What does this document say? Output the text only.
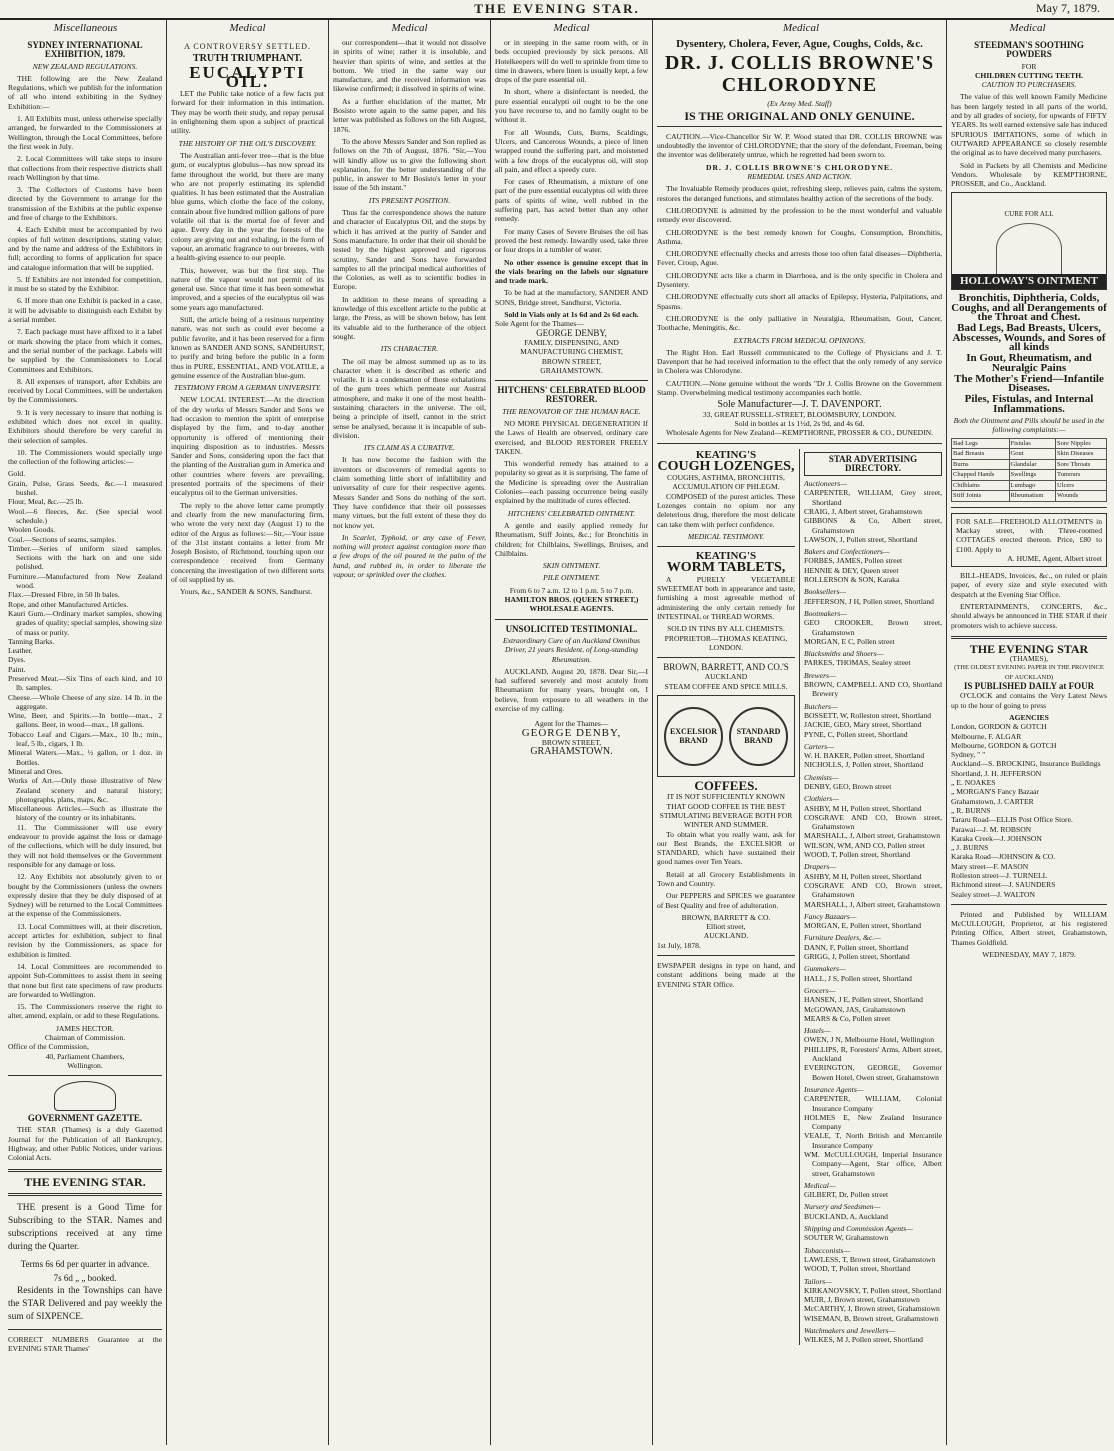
THE EVENING STAR.	May 7, 1879.
Miscellaneous	Medical	Medical	Medical	Medical	Medical
SYDNEY INTERNATIONAL EXHIBITION, 1879.
NEW ZEALAND REGULATIONS.

THE following are the New Zealand Regulations, which we publish for the information of all who intend exhibiting in the Sydney Exhibition:—

1. All Exhibits must, unless otherwise specially arranged, be forwarded to the Commissioners at Wellington, through the Local Committees, before the first week in July.

2. Local Committees will take steps to insure that collections from their respective districts shall reach Wellington by that time.

3. The Collectors of Customs have been directed by the Government to arrange for the transmission of the Exhibits at the public expense and free of charge to the Exhibitors.

4. Each Exhibit must be accompanied by two copies of full written descriptions, stating value; and by the name and address of the Exhibitors in full; according to forms of application for space and catalogue information that will be supplied.

5. If Exhibits are not intended for competition, it must be so stated by the Exhibitor.

6. If more than one Exhibit is packed in a case, it will be advisable to distinguish each Exhibit by a serial number.

7. Each package must have affixed to it a label or mark showing the place from which it comes, and the serial number of the package. Labels will be supplied by the Commissioners to Local Committees and Exhibitors.

8. All expenses of transport, after Exhibits are received by Local Committees, will be undertaken by the Commissioners.

9. It is very necessary to insure that nothing is exhibited which does not excel in quality. Exhibitors should therefore be very careful in their selection of samples.

10. The Commissioners would specially urge the collection of the following articles:—

Gold.
Grain, Pulse, Grass Seeds, &c.—1 measured bushel.
Flour, Meal, &c.—25 lb.
Wool.—6 fleeces, &c. (See special wool schedule.)
Woolen Goods.
Coal.—Sections of seams, samples.
Timber.—Series of uniform sized samples. Sections with the bark on and one side polished.
Furniture.—Manufactured from New Zealand wood.
Flax.—Dressed Fibre, in 50 lb bales.
Rope, and other Manufactured Articles.
Kauri Gum.—Ordinary market samples, showing grades of quality; special samples, showing size of mass or purity.
Tanning Barks.
Leather.
Dyes.
Paint.
Preserved Meat.—Six Tins of each kind, and 10 lb. samples.
Cheese.—Whole Cheese of any size. 14 lb. in the aggregate.
Wine, Beer, and Spirits.—In bottle—max., 2 gallons. Beer, in wood—max., 18 gallons.
Tobacco Leaf and Cigars.—Max., 10 lb.; min., leaf, 5 lb., cigars, 1 lb.
Mineral Waters.—Max., ½ gallon, or 1 doz. in Bottles.
Mineral and Ores.
Works of Art.—Only those illustrative of New Zealand scenery and natural history; photographs, plans, maps, &c.
Miscellaneous Articles.—Such as illustrate the history of the country or its inhabitants.

11. The Commissioner will use every endeavour to provide against the loss or damage of the collections, which will be duly insured, but they will not hold themselves or the Government responsible for any damage or loss.

12. Any Exhibits not absolutely given to or bought by the Commissioners (unless the owners expressly desire that they be duly disposed of at Sydney) will be returned to the Local Committees at the expense of the Commissioners.

13. Local Committees will, at their discretion, accept articles for exhibition, subject to final revision by the Commissioners, as space for exhibition is limited.

14. Local Committees are recommended to appoint Sub-Committees to assist them in seeing that none but first rate specimens of raw products are forwarded to Wellington.

15. The Commissioners reserve the right to alter, amend, explain, or add to these Regulations.

JAMES HECTOR.
Chairman of Commission.
Office of the Commission,
40, Parliament Chambers,
Wellington.
GOVERNMENT GAZETTE.

THE STAR (Thames) is a duly Gazetted Journal for the Publication of all Bankruptcy, Highway, and other Public Notices, under various Colonial Acts.

THE EVENING STAR.

THE present is a Good Time for Subscribing to the STAR. Names and subscriptions received at any time during the Quarter.

Terms 6s 6d per quarter in advance.
7s 6d „ „ booked.

Residents in the Townships can have the STAR Delivered and pay weekly the sum of SIXPENCE.

CORRECT NUMBERS Guarantee at the EVENING STAR Thames'
A CONTROVERSY SETTLED.
TRUTH TRIUMPHANT.
EUCALYPTI OIL.

LET the Public take notice of a few facts put forward for their information in this intimation. They may be worth their study, and repay perusal in enlightening them upon a subject of practical utility.

THE HISTORY OF THE OIL'S DISCOVERY.

The Australian anti-fever tree—that is the blue gum, or eucalyptus globulus—has now spread its fame throughout the world, but there are many who are not properly estimating its splendid qualities. It has been estimated that the Australian blue gums, which clothe the face of the colony, contain about five hundred million gallons of pure volatile oil that is the mortal foe of fever and ague. Every day in the year the forests of the colony are giving out and exhaling, in the form of vapour, an aromatic fragrance to our breezes, with a health-giving essence to our people.

This, however, was but the first step. The nature of the vapour would not permit of its general use. Since that time it has been somewhat improved, and a species of the eucalyptus oil was some years ago manufactured.

Still, the article being of a resinous turpentiny nature, was not such as could ever become a public favorite, and it has been reserved for a firm known as SANDER AND SONS, SANDHURST, to purify and bring before the public in a form thus in PURE, ESSENTIAL, AND VOLATILE, a genuine essence of the Australian blue-gum.

TESTIMONY FROM A GERMAN UNIVERSITY.

NEW LOCAL INTEREST.—At the direction of the dry works of Messrs Sander and Sons we had occasion to mention the spirit of enterprise displayed by the firm, and to-day another opportunity is offered of mentioning their inquiring disposition as to industries. Messrs Sander and Sons, considering upon the fact that the planting of the Australian gum in America and other countries where fevers are prevailing, presented portraits of the specimens of their eucalyptus oil to the German universities.

The reply to the above letter came promptly and clearly from the new manufacturing firm, who wrote the very next day (August 1) to the editor of the Argus as follows:—Sir,—Your issue of the 31st instant contains a letter from Mr Joseph Bosisto, of Richmond, touching upon our correspondence received from Germany concerning the investigation of two different sorts of oil supplied by us.

Yours, &c., SANDER & SONS, Sandhurst.

our correspondent—that it would not dissolve in spirits of wine; rather it is insoluble, and heavier than spirits of wine, and settles at the bottom. We tried in the same way our manufacture, and the received information was likewise confirmed; it dissolved in spirits of wine.

As a further elucidation of the matter, Mr Bosisto wrote again to the same paper, and his letter was published as follows on the 6th August, 1876.

To the above Messrs Sander and Son replied as follows on the 7th of August, 1876. "Sir,—You will kindly allow us to give the following short explanation, for the better understanding of the public, in answer to Mr Bosisto's letter in your issue of the 5th instant."

ITS PRESENT POSITION.

Thus far the correspondence shows the nature and character of Eucalyptus Oil, and the steps by which it has arrived at the purity of Sander and Sons manufacture. In order that their oil should be tested by the highest approved and rigorous scrutiny, Sander and Sons have forwarded samples to all the principal medical authorities of the Colonies, as well as to scientific bodies in Europe.

In addition to these means of spreading a knowledge of this excellent article to the public at large, the Press, as will be shown below, has lent its valuable aid to the furtherance of the object sought.

ITS CHARACTER.

The oil may be almost summed up as to its character when it is described as etheric and volatile. It is a condensation of those exhalations of the gum trees which permeate our Austral atmosphere, and make it one of the most health-sustaining characters in the universe. The oil, being a principle of itself, cannot in the strict sense be analysed, because it is incapable of sub-division.

ITS CLAIM AS A CURATIVE.

It has now become the fashion with the inventors or discoverers of remedial agents to claim something little short of infallibility and universality of cure for their respective agents. Messrs Sander and Sons do nothing of the sort. They have confidence that their oil possesses many virtues, but the full extent of these they do not know yet.

In Scarlet, Typhoid, or any case of Fever, nothing will protect against contagion more than a few drops of the oil poured in the palm of the hand, and rubbed in, in order to liberate the vapour, or sprinkled over the clothes.

or in steeping in the same room with, or in beds occupied previously by sick persons. All Hotelkeepers will do well to sprinkle from time to time in drawers, where linen is usually kept, a few drops of the pure essential oil.

In short, where a disinfectant is needed, the pure essential eucalypti oil ought to be the one you have recourse to, and no family ought to be without it.

For all Wounds, Cuts, Burns, Scaldings, Ulcers, and Cancerous Wounds, a piece of linen wrapped round the suffering part, and moistened with a few drops of the eucalyptus oil, will stop all pain, and effect a speedy cure.

For cases of Rheumatism, a mixture of one part of the pure essential eucalyptus oil with three parts of spirits of wine, well rubbed in the suffering part, has acted better than any other remedy.

For many Cases of Severe Bruises the oil has proved the best remedy. Inwardly used, take three or four drops in a tumbler of water.

No other essence is genuine except that in the vials bearing on the labels our signature and trade mark.

To be had at the manufactory, SANDER AND SONS, Bridge street, Sandhurst, Victoria.

Sold in Vials only at 1s 6d and 2s 6d each.
Sole Agent for the Thames—
GEORGE DENBY,
FAMILY, DISPENSING, AND MANUFACTURING CHEMIST,
BROWN STREET,
GRAHAMSTOWN.
HITCHENS' CELEBRATED BLOOD RESTORER.
THE RENOVATOR OF THE HUMAN RACE.

NO MORE PHYSICAL DEGENERATION If the Laws of Health are observed, ordinary care exercised, and BLOOD RESTORER FREELY TAKEN.

This wonderful remedy has attained to a popularity so great as it is surprising. The fame of the Medicine is spreading over the Australian Colonies—each passing occurrence being easily explained by the multitude of cures effected.

HITCHENS' CELEBRATED OINTMENT.

A gentle and easily applied remedy for Rheumatism, Stiff Joints, &c.; for Bronchitis in children; for Chilblains, Swellings, Bruises, and Chilblains.

SKIN OINTMENT.
PILE OINTMENT.
From 6 to 7 a.m. 12 to 1 p.m. 5 to 7 p.m.
HAMILTON BROS. (QUEEN STREET,) WHOLESALE AGENTS.
UNSOLICITED TESTIMONIAL.
Extraordinary Cure of an Auckland Omnibus Driver, 21 years Resident, of Long-standing Rheumatism.

AUCKLAND, August 20, 1878. Dear Sir,—I had suffered severely and most acutely from Rheumatism for many years, brought on, I believe, from exposure to all weathers in the exercise of my calling.

Agent for the Thames—
GEORGE DENBY,
BROWN STREET,
GRAHAMSTOWN.
Dysentery, Cholera, Fever, Ague, Coughs, Colds, &c.
DR. J. COLLIS BROWNE'S CHLORODYNE
(Ex Army Med. Staff)
IS THE ORIGINAL AND ONLY GENUINE.

CAUTION.—Vice-Chancellor Sir W. P. Wood stated that DR. COLLIS BROWNE was undoubtedly the inventor of CHLORODYNE; that the story of the defendant, Freeman, being the inventor was deliberately untrue, which he regretted had been sworn to.

DR. J. COLLIS BROWNE'S CHLORODYNE.
REMEDIAL USES AND ACTION.

The Invaluable Remedy produces quiet, refreshing sleep, relieves pain, calms the system, restores the deranged functions, and stimulates healthy action of the secretions of the body.

CHLORODYNE is admitted by the profession to be the most wonderful and valuable remedy ever discovered.

CHLORODYNE is the best remedy known for Coughs, Consumption, Bronchitis, Asthma.

CHLORODYNE effectually checks and arrests those too often fatal diseases—Diphtheria, Fever, Croup, Ague.

CHLORODYNE acts like a charm in Diarrhoea, and is the only specific in Cholera and Dysentery.

CHLORODYNE effectually cuts short all attacks of Epilepsy, Hysteria, Palpitations, and Spasms.

CHLORODYNE is the only palliative in Neuralgia, Rheumatism, Gout, Cancer, Toothache, Meningitis, &c.

EXTRACTS FROM MEDICAL OPINIONS.

The Right Hon. Earl Russell communicated to the College of Physicians and J. T. Davenport that he had received information to the effect that the only remedy of any service in Cholera was Chlorodyne.

CAUTION.—None genuine without the words "Dr J. Collis Browne on the Government Stamp. Overwhelming medical testimony accompanies each bottle.

Sole Manufacturer—J. T. DAVENPORT.
33, GREAT RUSSELL-STREET, BLOOMSBURY, LONDON.
Sold in bottles at 1s 1½d, 2s 9d, and 4s 6d.
Wholesale Agents for New Zealand—KEMPTHORNE, PROSSER & CO., DUNEDIN.
KEATING'S
COUGH LOZENGES,
COUGHS, ASTHMA, BRONCHITIS, ACCUMULATION OF PHLEGM.

COMPOSED of the purest articles. These Lozenges contain no opium nor any deleterious drug, therefore the most delicate can take them with perfect confidence.

MEDICAL TESTIMONY.
KEATING'S
WORM TABLETS,

A PURELY VEGETABLE SWEETMEAT both in appearance and taste, furnishing a most agreeable method of administering the only certain remedy for INTESTINAL or THREAD WORMS.

SOLD IN TINS BY ALL CHEMISTS.
PROPRIETOR—THOMAS KEATING, LONDON.
BROWN, BARRETT, AND CO.'S
AUCKLAND
STEAM COFFEE AND SPICE MILLS.
EXCELSIOR BRAND
STANDARD BRAND
COFFEES.
IT IS NOT SUFFICIENTLY KNOWN THAT GOOD COFFEE IS THE BEST STIMULATING BEVERAGE BOTH FOR WINTER AND SUMMER.

To obtain what you really want, ask for our Best Brands, the EXCELSIOR or STANDARD, which have sustained their good names over Ten Years.

Retail at all Grocery Establishments in Town and Country.

Our PEPPERS and SPICES we guarantee of Best Quality and free of adulteration.

BROWN, BARRETT & CO.
Elliott street,
AUCKLAND.
1st July, 1878.
EWSPAPER designs in type on hand, and constant additions being made at the EVENING STAR Office.
STAR ADVERTISING DIRECTORY.
Auctioneers—
CARPENTER, WILLIAM, Grey street, Shortland
CRAIG, J, Albert street, Grahamstown
GIBBONS & Co, Albert street, Grahamstown
LAWSON, J, Pollen street, Shortland
Bakers and Confectioners—
FORBES, JAMES, Pollen street
HENNIE & DEY, Queen street
ROLLERSON & SON, Karaka
Booksellers—
JEFFERSON, J H, Pollen street, Shortland
Bootmakers—
GEO CROOKER, Brown street, Grahamstown
MORGAN, E C, Pollen street
Blacksmiths and Shoers—
PARKES, THOMAS, Sealey street
Brewers—
BROWN, CAMPBELL AND CO, Shortland Brewery
Butchers—
BOSSETT, W, Rolleston street, Shortland
JACKIE, GEO, Mary street, Shortland
PYNE, C, Pollen street, Shortland
Carters—
W. H. BAKER, Pollen street, Shortland
NICHOLLS, J, Pollen street, Shortland
Chemists—
DENBY, GEO, Brown street
Clothiers—
ASHBY, M H, Pollen street, Shortland
COSGRAVE AND CO, Brown street, Grahamstown
MARSHALL, J, Albert street, Grahamstown
WILSON, WM, AND CO, Pollen street
WOOD, T, Pollen street, Shortland
Drapers—
ASHBY, M H, Pollen street, Shortland
COSGRAVE AND CO, Brown street, Grahamstown
MARSHALL, J, Albert street, Grahamstown
Fancy Bazaars—
MORGAN, E, Pollen street, Shortland
Furniture Dealers, &c.—
DANN, F, Pollen street, Shortland
GRIGG, J, Pollen street, Shortland
Gunmakers—
HALL, J S, Pollen street, Shortland
Grocers—
HANSEN, J E, Pollen street, Shortland
McGOWAN, JAS, Grahamstown
MEARS & Co, Pollen street
Hotels—
OWEN, J N, Melbourne Hotel, Wellington
PHILLIPS, R, Foresters' Arms, Albert street, Auckland
EVERINGTON, GEORGE, Governor Bowen Hotel, Owen street, Grahamstown
Insurance Agents—
CARPENTER, WILLIAM, Colonial Insurance Company
HOLMES E, New Zealand Insurance Company
VEALE, T, North British and Mercantile Insurance Company
WM. McCULLOUGH, Imperial Insurance Company—Agent, Star office, Albert street, Grahamstown
Medical—
GILBERT, Dr, Pollen street
Nursery and Seedsmen—
BUCKLAND, A, Auckland
Shipping and Commission Agents—
SOUTER W, Grahamstown
Tobacconists—
LAWLESS, T, Brown street, Grahamstown
WOOD, T, Pollen street, Shortland
Tailors—
KIRKANOVSKY, T, Pollen street, Shortland
MUIR, J, Brown street, Grahamstown
McCARTHY, J, Brown street, Grahamstown
WISEMAN, B, Brown street, Grahamstown
Watchmakers and Jewellers—
WILKES, M J, Pollen street, Shortland
STEEDMAN'S SOOTHING POWDERS
FOR
CHILDREN CUTTING TEETH.
CAUTION TO PURCHASERS.

The value of this well known Family Medicine has been largely tested in all parts of the world, and by all grades of society, for upwards of FIFTY YEARS. Its well earned extensive sale has induced SPURIOUS IMITATIONS, some of which in OUTWARD APPEARANCE so closely resemble the original as to have deceived many purchasers.

Sold in Packets by all Chemists and Medicine Vendors. Wholesale by KEMPTHORNE, PROSSER, and Co., Auckland.

CURE FOR ALL
HOLLOWAY'S OINTMENT
Bronchitis, Diphtheria, Colds, Coughs, and all Derangements of the Throat and Chest.
Bad Legs, Bad Breasts, Ulcers, Abscesses, Wounds, and Sores of all kinds
In Gout, Rheumatism, and Neuralgic Pains
The Mother's Friend—Infantile Diseases.
Piles, Fistulas, and Internal Inflammations.
Both the Ointment and Pills should be used in the following complaints:—
Bad Legs	Fistulas	Sore Nipples
Bad Breasts	Gout	Skin Diseases
Burns	Glandular	Sore Throats
Chapped Hands	Swellings	Tumours
Chilblains	Lumbago	Ulcers
Stiff Joints	Rheumatism	Wounds
FOR SALE—FREEHOLD ALLOTMENTS in Mackay street, with Three-roomed COTTAGES erected thereon. Price, £80 to £100. Apply to
A. HUME, Agent, Albert street

BILL-HEADS, Invoices, &c., on ruled or plain paper, of every size and style executed with despatch at the Evening Star Office.

ENTERTAINMENTS, CONCERTS, &c., should always be announced in THE STAR if their promoters wish to achieve success.

THE EVENING STAR
(THAMES),
(THE OLDEST EVENING PAPER IN THE PROVINCE OF AUCKLAND)
IS PUBLISHED DAILY at FOUR

O'CLOCK and contains the Very Latest News up to the hour of going to press

AGENCIES
London, GORDON & GOTCH
Melbourne, F. ALGAR
Melbourne, GORDON & GOTCH
Sydney, " "
Auckland—S. BROCKING, Insurance Buildings
Shortland, J. H. JEFFERSON
„ E. NOAKES
„ MORGAN'S Fancy Bazaar
Grahamstown, J. CARTER
„ R. BURNS
Tararu Road—ELLIS Post Office Store.
Parawai—J. M. ROBSON
Karaka Creek—J. JOHNSON
„ J. BURNS
Karaka Road—JOHNSON & CO.
Mary street—F. MASON
Rolleston street—J. TURNELL
Richmond street—J. SAUNDERS
Sealey street—J. WALTON

Printed and Published by WILLIAM McCULLOUGH, Proprietor, at his registered Printing Office, Albert street, Grahamstown, Thames Goldfield.

WEDNESDAY, MAY 7, 1879.
